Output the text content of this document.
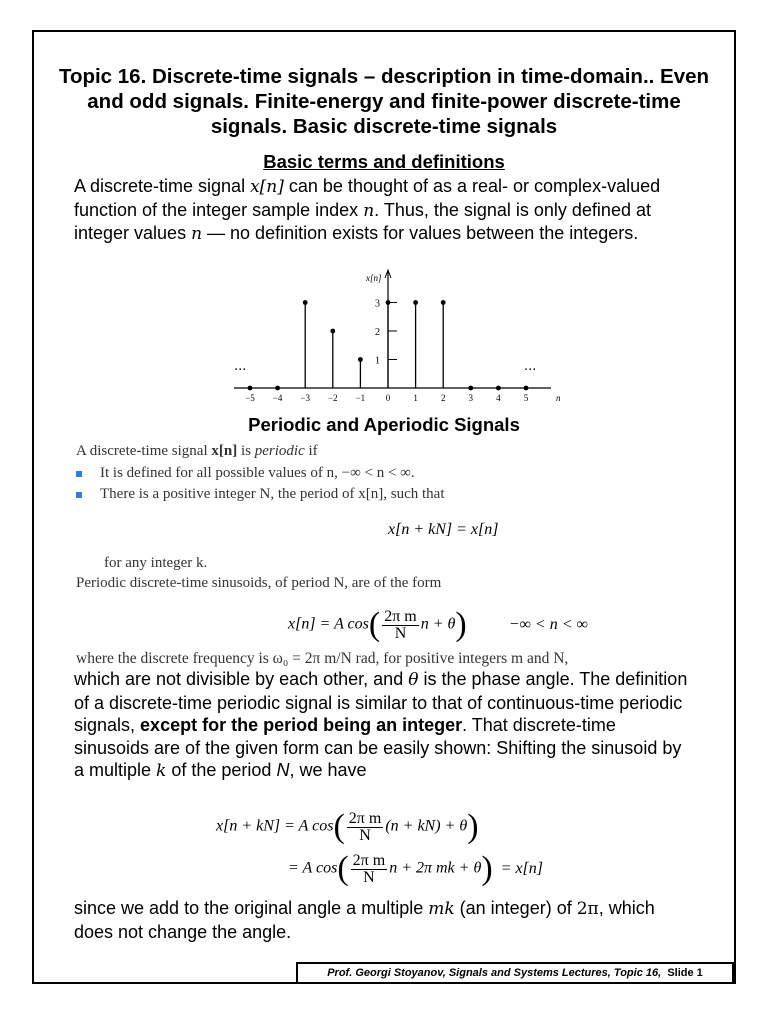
Topic 16. Discrete-time signals – description in time-domain.. Even and odd signals. Finite-energy and finite-power discrete-time signals. Basic discrete-time signals
Basic terms and definitions
A discrete-time signal x[n] can be thought of as a real- or complex-valued function of the integer sample index n. Thus, the signal is only defined at integer values n — no definition exists for values between the integers.
x[n]
n
1
2
3
−5 −4 −3 −2 −1 0	1	2	3	4	5
···	···
Periodic and Aperiodic Signals
A discrete-time signal x[n] is periodic if
It is defined for all possible values of n, −∞ < n < ∞.
There is a positive integer N, the period of x[n], such that
x[n + kN] = x[n]
for any integer k.
Periodic discrete-time sinusoids, of period N, are of the form
x[n] = A $\cos( \frac{\text{2π m}}{N}$ n + θ)	−∞ < n < ∞
where the discrete frequency is ω₀ = 2π m/N rad, for positive integers m and N,
which are not divisible by each other, and θ is the phase angle. The definition of a discrete-time periodic signal is similar to that of continuous-time periodic signals, except for the period being an integer. That discrete-time sinusoids are of the given form can be easily shown: Shifting the sinusoid by a multiple k of the period N, we have
x[n + kN] = A $\cos( \frac{\text{2π m}}{N} (n + kN) + \theta)$
= A $\cos( \frac{\text{2π m}}{N}$ n + 2π mk + θ) = x[n]
since we add to the original angle a multiple mk (an integer) of 2π, which does not change the angle.
Prof. Georgi Stoyanov, Signals and Systems Lectures, Topic 16, Slide 1
